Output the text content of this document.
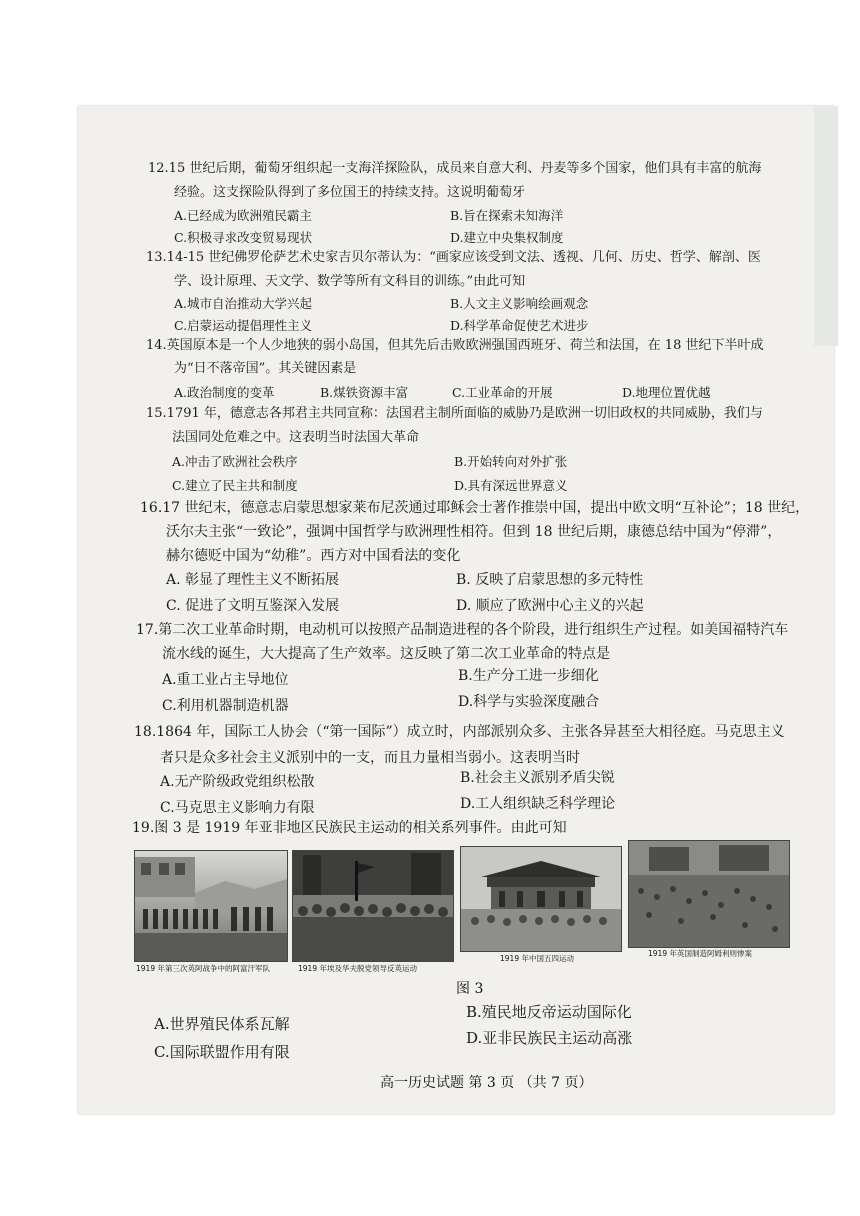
12.15 世纪后期，葡萄牙组织起一支海洋探险队，成员来自意大利、丹麦等多个国家，他们具有丰富的航海
经验。这支探险队得到了多位国王的持续支持。这说明葡萄牙
A.已经成为欧洲殖民霸主	B.旨在探索未知海洋
C.积极寻求改变贸易现状	D.建立中央集权制度
13.14-15 世纪佛罗伦萨艺术史家吉贝尔蒂认为：“画家应该受到文法、透视、几何、历史、哲学、解剖、医
学、设计原理、天文学、数学等所有文科目的训练。”由此可知
A.城市自治推动大学兴起	B.人文主义影响绘画观念
C.启蒙运动提倡理性主义	D.科学革命促使艺术进步
14.英国原本是一个人少地狭的弱小岛国，但其先后击败欧洲强国西班牙、荷兰和法国，在 18 世纪下半叶成
为“日不落帝国”。其关键因素是
A.政治制度的变革	B.煤铁资源丰富	C.工业革命的开展	D.地理位置优越
15.1791 年，德意志各邦君主共同宣称：法国君主制所面临的威胁乃是欧洲一切旧政权的共同威胁，我们与
法国同处危难之中。这表明当时法国大革命
A.冲击了欧洲社会秩序	B.开始转向对外扩张
C.建立了民主共和制度	D.具有深远世界意义
16.17 世纪末，德意志启蒙思想家莱布尼茨通过耶稣会士著作推崇中国，提出中欧文明“互补论”；18 世纪，
沃尔夫主张“一致论”，强调中国哲学与欧洲理性相符。但到 18 世纪后期，康德总结中国为“停滞”，
赫尔德贬中国为“幼稚”。西方对中国看法的变化
A. 彰显了理性主义不断拓展	B. 反映了启蒙思想的多元特性
C. 促进了文明互鉴深入发展	D. 顺应了欧洲中心主义的兴起
17.第二次工业革命时期，电动机可以按照产品制造进程的各个阶段，进行组织生产过程。如美国福特汽车
流水线的诞生，大大提高了生产效率。这反映了第二次工业革命的特点是
A.重工业占主导地位	B.生产分工进一步细化
C.利用机器制造机器	D.科学与实验深度融合
18.1864 年，国际工人协会（“第一国际”）成立时，内部派别众多、主张各异甚至大相径庭。马克思主义
者只是众多社会主义派别中的一支，而且力量相当弱小。这表明当时
A.无产阶级政党组织松散	B.社会主义派别矛盾尖锐
C.马克思主义影响力有限	D.工人组织缺乏科学理论
19.图 3 是 1919 年亚非地区民族民主运动的相关系列事件。由此可知
1919 年第三次英阿战争中的阿富汗军队	1919 年埃及华夫脱党领导反英运动
1919 年中国五四运动
1919 年英国制造阿姆利则惨案
图 3
A.世界殖民体系瓦解
B.殖民地反帝运动国际化
C.国际联盟作用有限
D.亚非民族民主运动高涨
高一历史试题 第 3 页 （共 7 页）
